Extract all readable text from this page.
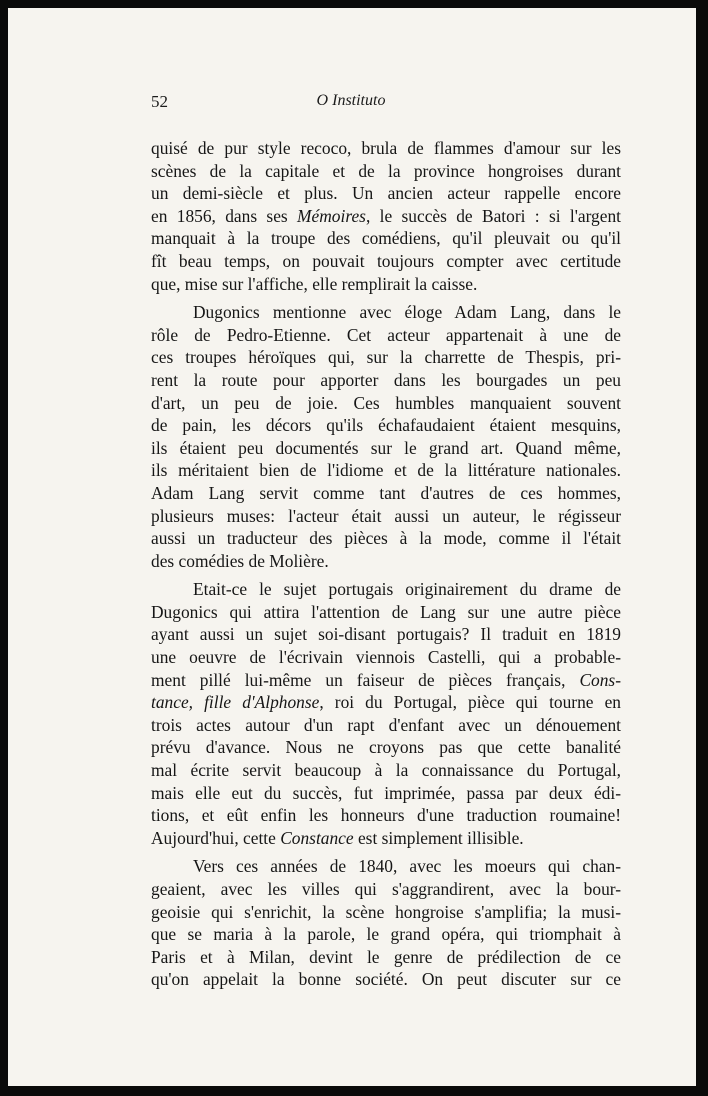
52	O Instituto
quisé de pur style recoco, brula de flammes d'amour sur les
scènes de la capitale et de la province hongroises durant
un demi-siècle et plus. Un ancien acteur rappelle encore
en 1856, dans ses Mémoires, le succès de Batori : si l'argent
manquait à la troupe des comédiens, qu'il pleuvait ou qu'il
fît beau temps, on pouvait toujours compter avec certitude
que, mise sur l'affiche, elle remplirait la caisse.
Dugonics mentionne avec éloge Adam Lang, dans le
rôle de Pedro-Etienne. Cet acteur appartenait à une de
ces troupes héroïques qui, sur la charrette de Thespis, pri-
rent la route pour apporter dans les bourgades un peu
d'art, un peu de joie. Ces humbles manquaient souvent
de pain, les décors qu'ils échafaudaient étaient mesquins,
ils étaient peu documentés sur le grand art. Quand même,
ils méritaient bien de l'idiome et de la littérature nationales.
Adam Lang servit comme tant d'autres de ces hommes,
plusieurs muses: l'acteur était aussi un auteur, le régisseur
aussi un traducteur des pièces à la mode, comme il l'était
des comédies de Molière.
Etait-ce le sujet portugais originairement du drame de
Dugonics qui attira l'attention de Lang sur une autre pièce
ayant aussi un sujet soi-disant portugais? Il traduit en 1819
une oeuvre de l'écrivain viennois Castelli, qui a probable-
ment pillé lui-même un faiseur de pièces français, Cons-
tance, fille d'Alphonse, roi du Portugal, pièce qui tourne en
trois actes autour d'un rapt d'enfant avec un dénouement
prévu d'avance. Nous ne croyons pas que cette banalité
mal écrite servit beaucoup à la connaissance du Portugal,
mais elle eut du succès, fut imprimée, passa par deux édi-
tions, et eût enfin les honneurs d'une traduction roumaine!
Aujourd'hui, cette Constance est simplement illisible.
Vers ces années de 1840, avec les moeurs qui chan-
geaient, avec les villes qui s'aggrandirent, avec la bour-
geoisie qui s'enrichit, la scène hongroise s'amplifia; la musi-
que se maria à la parole, le grand opéra, qui triomphait à
Paris et à Milan, devint le genre de prédilection de ce
qu'on appelait la bonne société. On peut discuter sur ce
